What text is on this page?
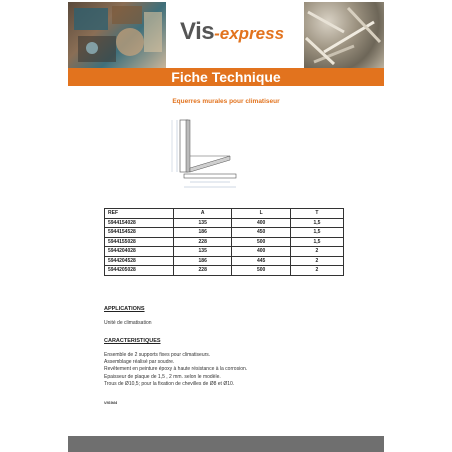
Vis-express
Fiche Technique
Equerres murales pour climatiseur
REF	A	L	T
5944154028	135	400	1,5
5944154528	186	450	1,5
5944155028	228	500	1,5
5944204028	135	400	2
5944204528	186	445	2
5944205028	228	500	2
APPLICATIONS
Unité de climatisation
CARACTERISTIQUES
Ensemble de 2 supports fixes pour climatiseurs.
Assemblage réalisé par soudre.
Revêtement en peinture époxy à haute résistance à la corrosion.
Epaisseur de plaque de 1,5 , 2 mm. selon le modèle.
Trous de Ø10,5; pour la fixation de chevilles de Ø8 et Ø10.
VIS944
